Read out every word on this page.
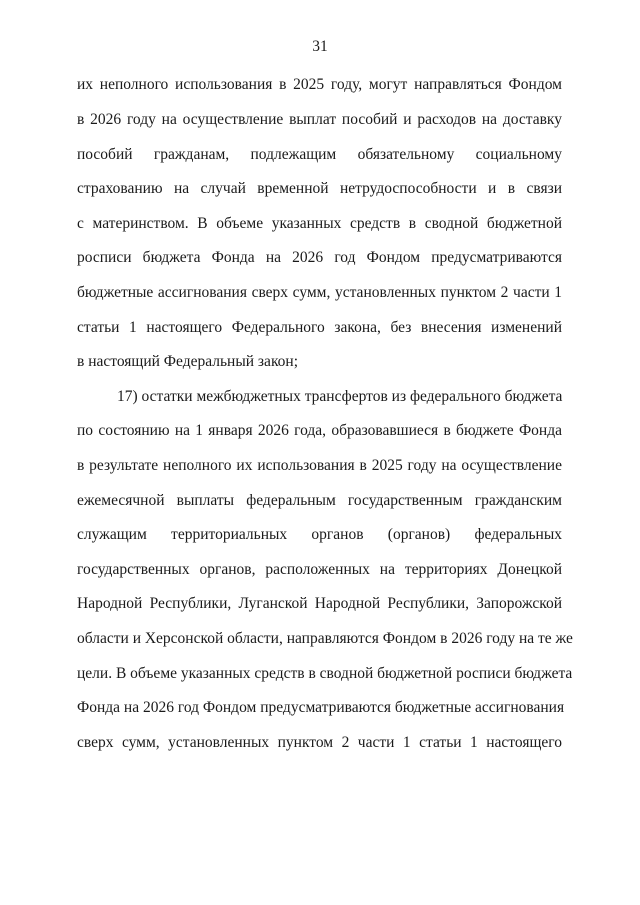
31
их неполного использования в 2025 году, могут направляться Фондом
в 2026 году на осуществление выплат пособий и расходов на доставку
пособий гражданам, подлежащим обязательному социальному
страхованию на случай временной нетрудоспособности и в связи
с материнством. В объеме указанных средств в сводной бюджетной
росписи бюджета Фонда на 2026 год Фондом предусматриваются
бюджетные ассигнования сверх сумм, установленных пунктом 2 части 1
статьи 1 настоящего Федерального закона, без внесения изменений
в настоящий Федеральный закон;
17) остатки межбюджетных трансфертов из федерального бюджета
по состоянию на 1 января 2026 года, образовавшиеся в бюджете Фонда
в результате неполного их использования в 2025 году на осуществление
ежемесячной выплаты федеральным государственным гражданским
служащим территориальных органов (органов) федеральных
государственных органов, расположенных на территориях Донецкой
Народной Республики, Луганской Народной Республики, Запорожской
области и Херсонской области, направляются Фондом в 2026 году на те же
цели. В объеме указанных средств в сводной бюджетной росписи бюджета
Фонда на 2026 год Фондом предусматриваются бюджетные ассигнования
сверх сумм, установленных пунктом 2 части 1 статьи 1 настоящего
